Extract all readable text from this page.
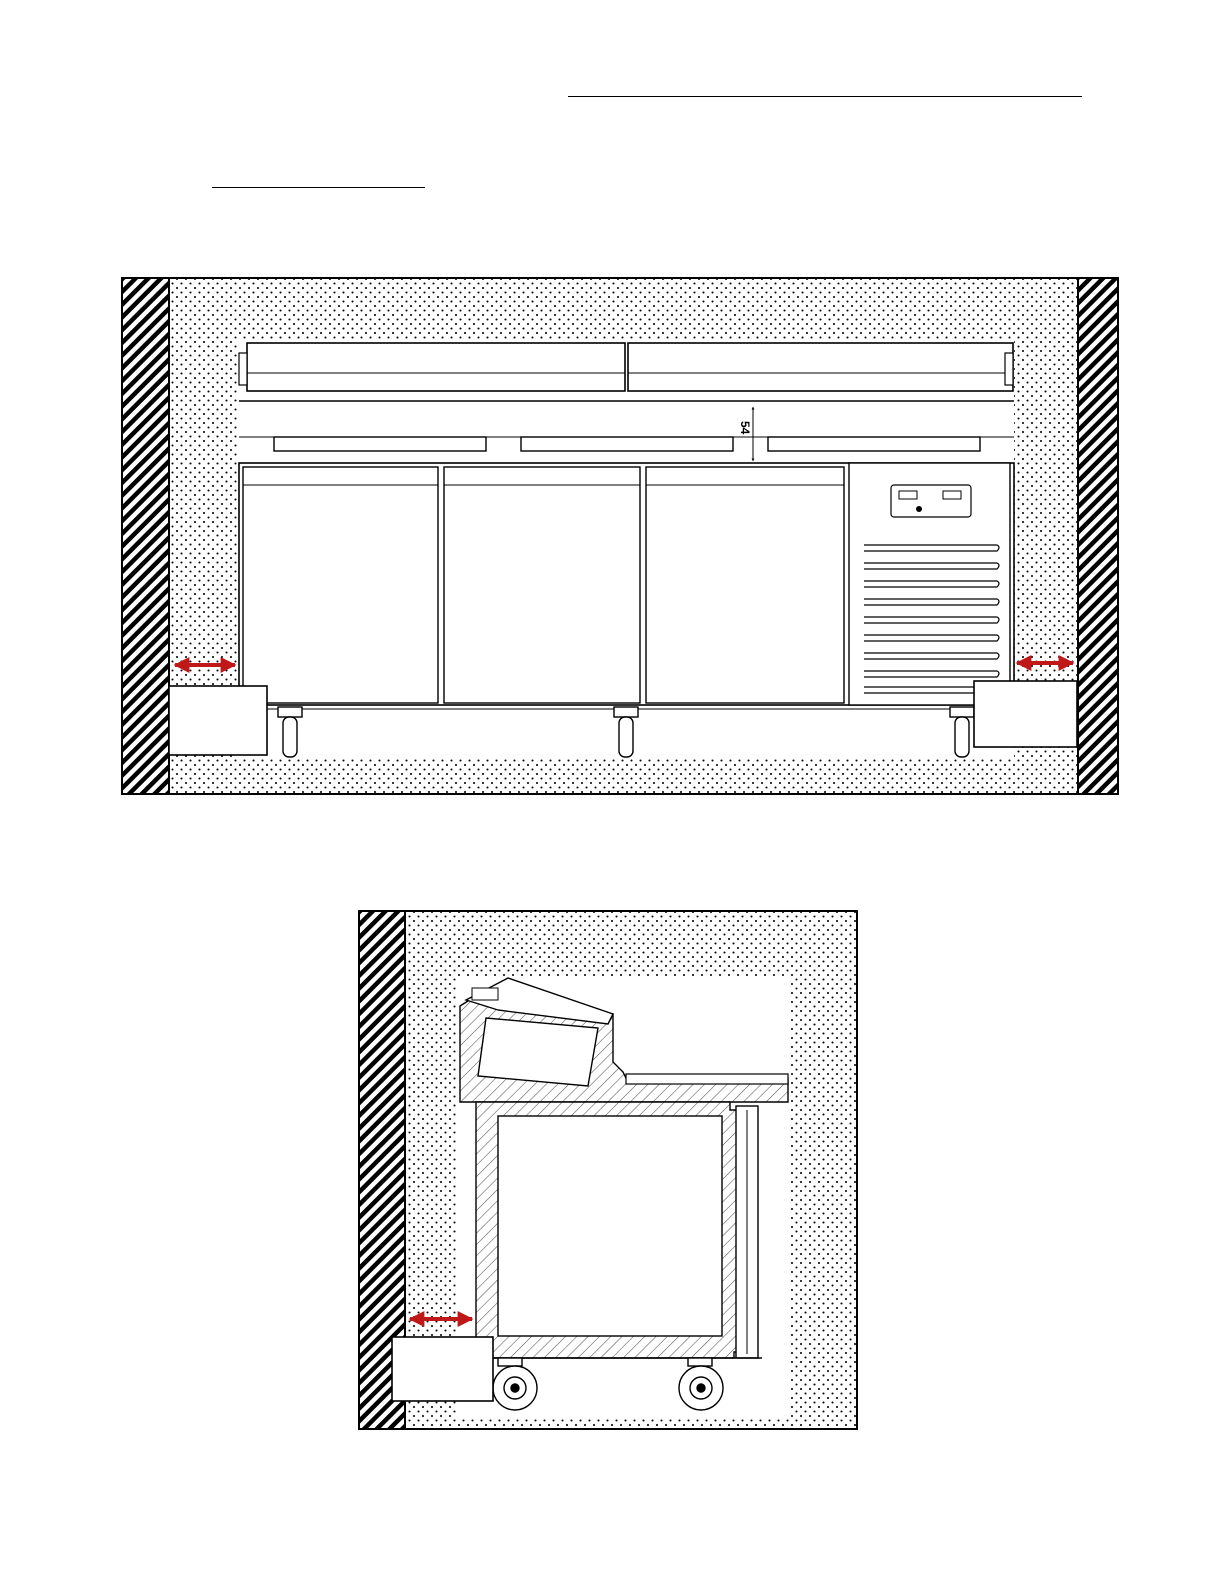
54
